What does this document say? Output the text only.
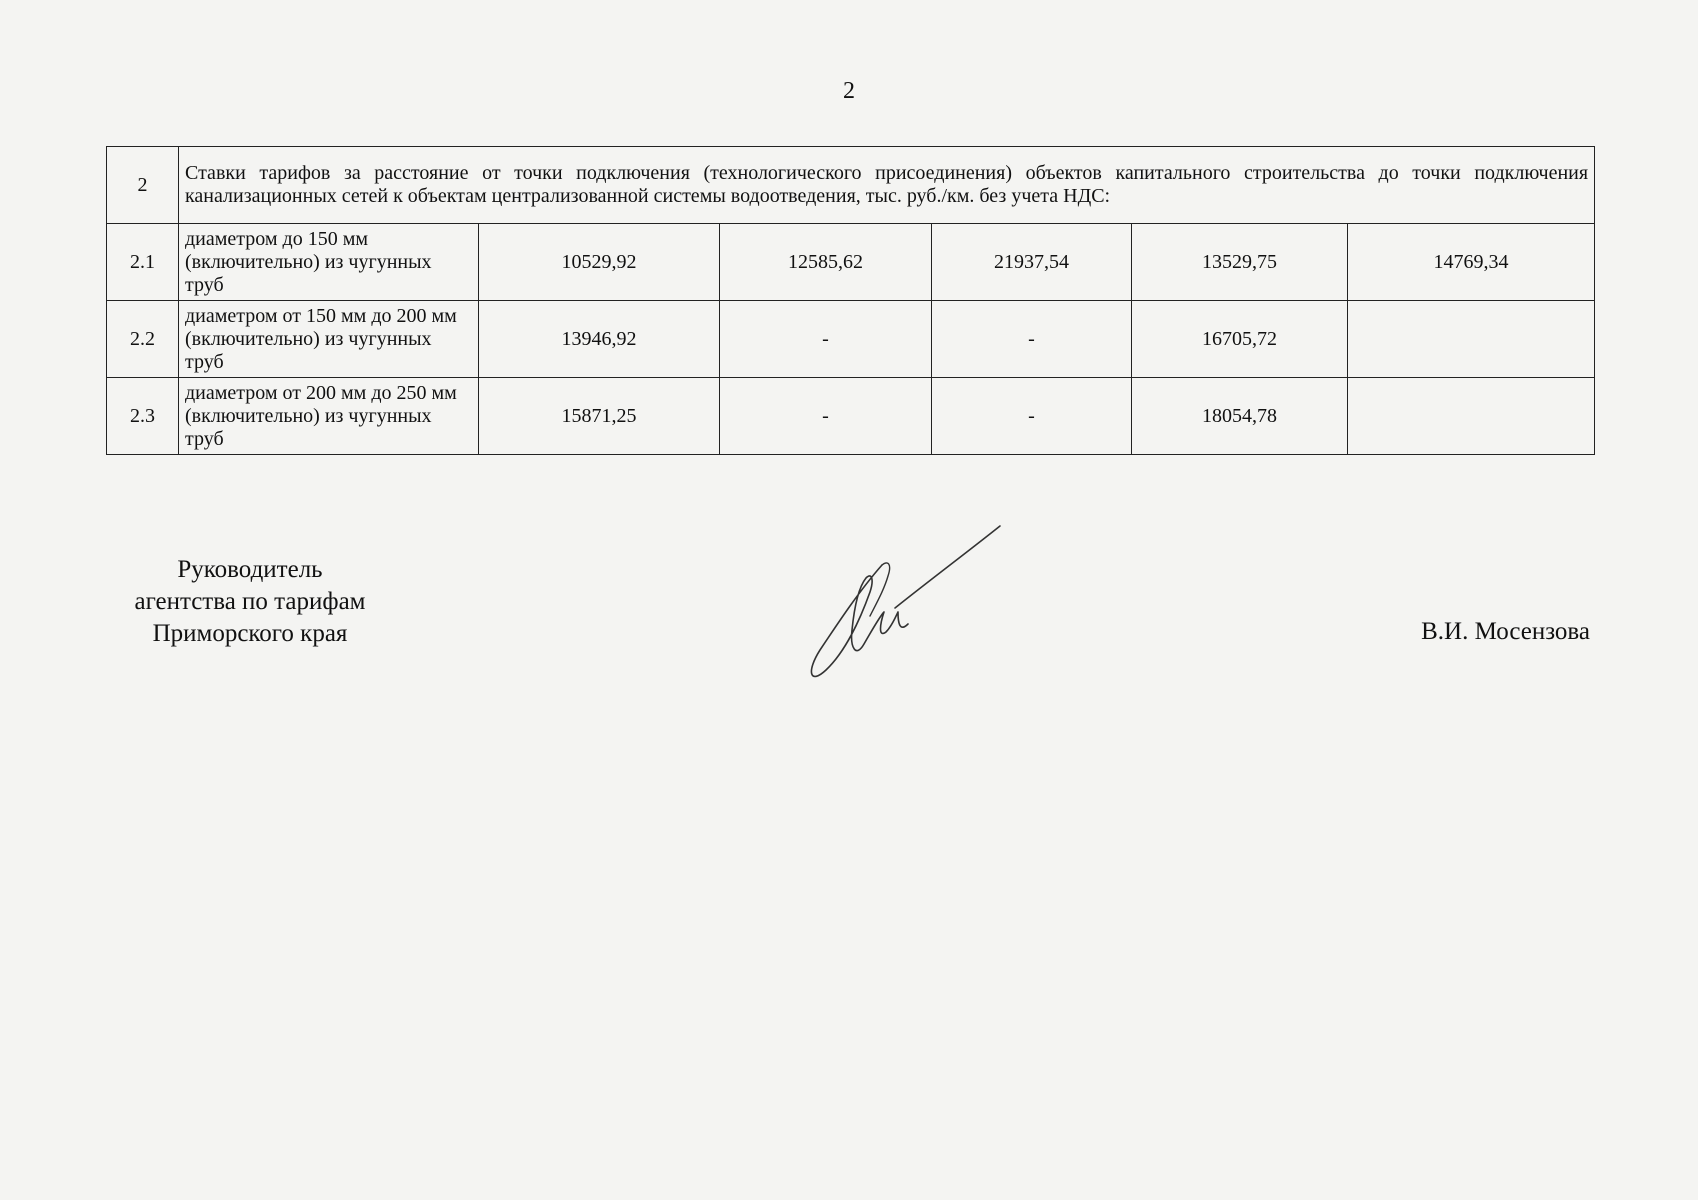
2
2	Ставки тарифов за расстояние от точки подключения (технологического присоединения) объектов капитального строительства до точки подключения канализационных сетей к объектам централизованной системы водоотведения, тыс. руб./км. без учета НДС:					
2.1	диаметром до 150 мм (включительно) из чугунных труб	10529,92	12585,62	21937,54	13529,75	14769,34
2.2	диаметром от 150 мм до 200 мм (включительно) из чугунных труб	13946,92	-	-	16705,72	
2.3	диаметром от 200 мм до 250 мм (включительно) из чугунных труб	15871,25	-	-	18054,78	
Руководитель
агентства по тарифам
Приморского края	В.И. Мосензова
